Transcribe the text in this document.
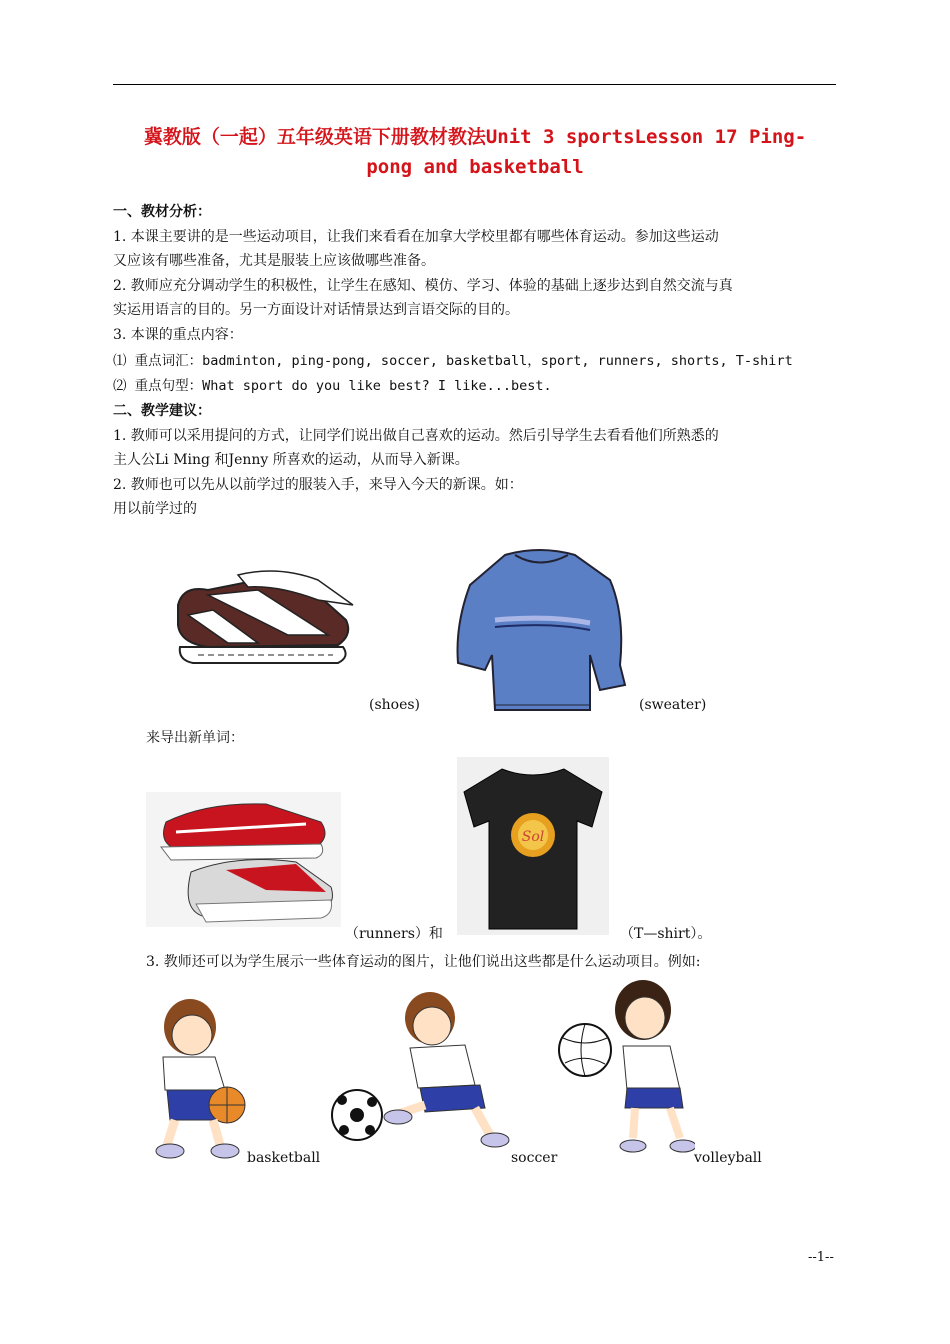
冀教版（一起）五年级英语下册教材教法Unit 3 sportsLesson 17 Ping-
pong and basketball
一、教材分析：
1. 本课主要讲的是一些运动项目，让我们来看看在加拿大学校里都有哪些体育运动。参加这些运动
又应该有哪些准备，尤其是服装上应该做哪些准备。
2. 教师应充分调动学生的积极性，让学生在感知、模仿、学习、体验的基础上逐步达到自然交流与真
实运用语言的目的。另一方面设计对话情景达到言语交际的目的。
3. 本课的重点内容：
⑴ 重点词汇：badminton, ping-pong, soccer, basketball，sport, runners, shorts, T-shirt
⑵ 重点句型：What sport do you like best? I like...best.
二、教学建议：
1. 教师可以采用提问的方式，让同学们说出做自己喜欢的运动。然后引导学生去看看他们所熟悉的
主人公Li Ming 和Jenny 所喜欢的运动，从而导入新课。
2. 教师也可以先从以前学过的服装入手，来导入今天的新课。如：
用以前学过的
(shoes)	(sweater)
来导出新单词：
（runners）和
Sol
（T—shirt）。
3. 教师还可以为学生展示一些体育运动的图片，让他们说出这些都是什么运动项目。例如:
basketball	soccer	volleyball
--1--
